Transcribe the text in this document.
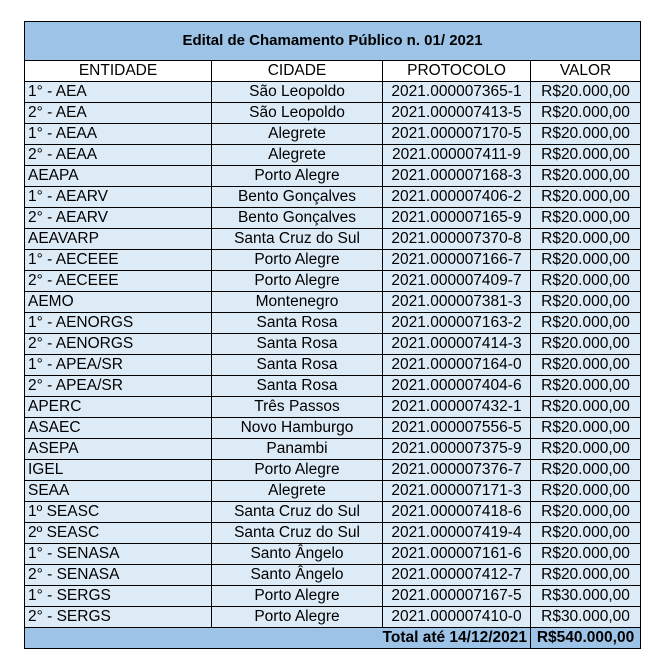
Edital de Chamamento Público n. 01/ 2021			
ENTIDADE	CIDADE	PROTOCOLO	VALOR
1° - AEA	São Leopoldo	2021.000007365-1	R$20.000,00
2° - AEA	São Leopoldo	2021.000007413-5	R$20.000,00
1° - AEAA	Alegrete	2021.000007170-5	R$20.000,00
2° - AEAA	Alegrete	2021.000007411-9	R$20.000,00
AEAPA	Porto Alegre	2021.000007168-3	R$20.000,00
1° - AEARV	Bento Gonçalves	2021.000007406-2	R$20.000,00
2° - AEARV	Bento Gonçalves	2021.000007165-9	R$20.000,00
AEAVARP	Santa Cruz do Sul	2021.000007370-8	R$20.000,00
1° - AECEEE	Porto Alegre	2021.000007166-7	R$20.000,00
2° - AECEEE	Porto Alegre	2021.000007409-7	R$20.000,00
AEMO	Montenegro	2021.000007381-3	R$20.000,00
1° - AENORGS	Santa Rosa	2021.000007163-2	R$20.000,00
2° - AENORGS	Santa Rosa	2021.000007414-3	R$20.000,00
1° - APEA/SR	Santa Rosa	2021.000007164-0	R$20.000,00
2° - APEA/SR	Santa Rosa	2021.000007404-6	R$20.000,00
APERC	Três Passos	2021.000007432-1	R$20.000,00
ASAEC	Novo Hamburgo	2021.000007556-5	R$20.000,00
ASEPA	Panambi	2021.000007375-9	R$20.000,00
IGEL	Porto Alegre	2021.000007376-7	R$20.000,00
SEAA	Alegrete	2021.000007171-3	R$20.000,00
1º SEASC	Santa Cruz do Sul	2021.000007418-6	R$20.000,00
2º SEASC	Santa Cruz do Sul	2021.000007419-4	R$20.000,00
1° - SENASA	Santo Ângelo	2021.000007161-6	R$20.000,00
2° - SENASA	Santo Ângelo	2021.000007412-7	R$20.000,00
1° - SERGS	Porto Alegre	2021.000007167-5	R$30.000,00
2° - SERGS	Porto Alegre	2021.000007410-0	R$30.000,00
Total até 14/12/2021			R$540.000,00
